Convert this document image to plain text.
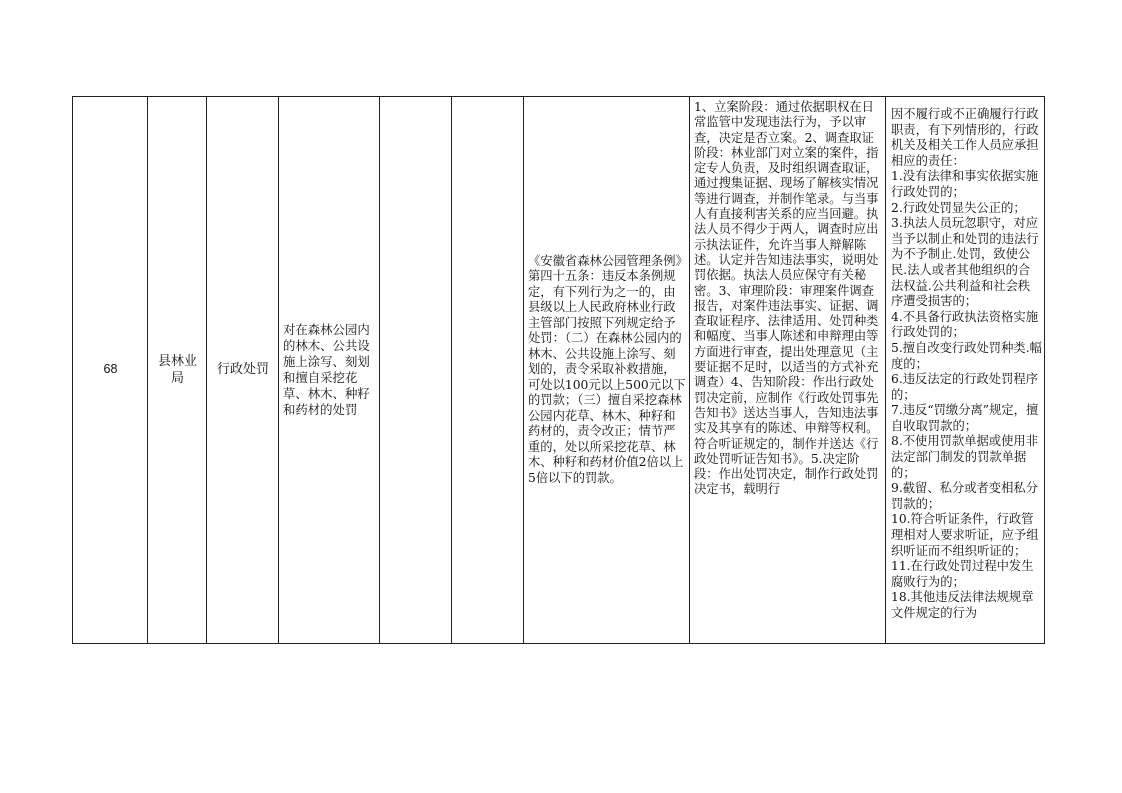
68
县林业局
行政处罚
对在森林公园内的林木、公共设施上涂写、刻划和擅自采挖花草、林木、种籽和药材的处罚
《安徽省森林公园管理条例》第四十五条：违反本条例规定，有下列行为之一的，由县级以上人民政府林业行政主管部门按照下列规定给予处罚：（二）在森林公园内的林木、公共设施上涂写、刻划的，责令采取补救措施，可处以100元以上500元以下的罚款；（三）擅自采挖森林公园内花草、林木、种籽和药材的，责令改正；情节严重的，处以所采挖花草、林木、种籽和药材价值2倍以上5倍以下的罚款。
1、立案阶段：通过依据职权在日常监管中发现违法行为，予以审查，决定是否立案。2、调查取证阶段：林业部门对立案的案件，指定专人负责，及时组织调查取证，通过搜集证据、现场了解核实情况等进行调查，并制作笔录。与当事人有直接利害关系的应当回避。执法人员不得少于两人，调查时应出示执法证件，允许当事人辩解陈述。认定并告知违法事实，说明处罚依据。执法人员应保守有关秘密。3、审理阶段：审理案件调查报告，对案件违法事实、证据、调查取证程序、法律适用、处罚种类和幅度、当事人陈述和申辩理由等方面进行审查，提出处理意见（主要证据不足时，以适当的方式补充调查）4、告知阶段：作出行政处罚决定前，应制作《行政处罚事先告知书》送达当事人，告知违法事实及其享有的陈述、申辩等权利。符合听证规定的，制作并送达《行政处罚听证告知书》。5.决定阶段：作出处罚决定，制作行政处罚决定书，载明行
因不履行或不正确履行行政职责，有下列情形的，行政机关及相关工作人员应承担相应的责任：
1.没有法律和事实依据实施行政处罚的；
2.行政处罚显失公正的；
3.执法人员玩忽职守，对应当予以制止和处罚的违法行为不予制止.处罚，致使公民.法人或者其他组织的合法权益.公共利益和社会秩序遭受损害的；
4.不具备行政执法资格实施行政处罚的；
5.擅自改变行政处罚种类.幅度的；
6.违反法定的行政处罚程序的；
7.违反“罚缴分离”规定，擅自收取罚款的；
8.不使用罚款单据或使用非法定部门制发的罚款单据的；
9.截留、私分或者变相私分罚款的；
10.符合听证条件，行政管理相对人要求听证，应予组织听证而不组织听证的；
11.在行政处罚过程中发生腐败行为的；
18.其他违反法律法规规章文件规定的行为
